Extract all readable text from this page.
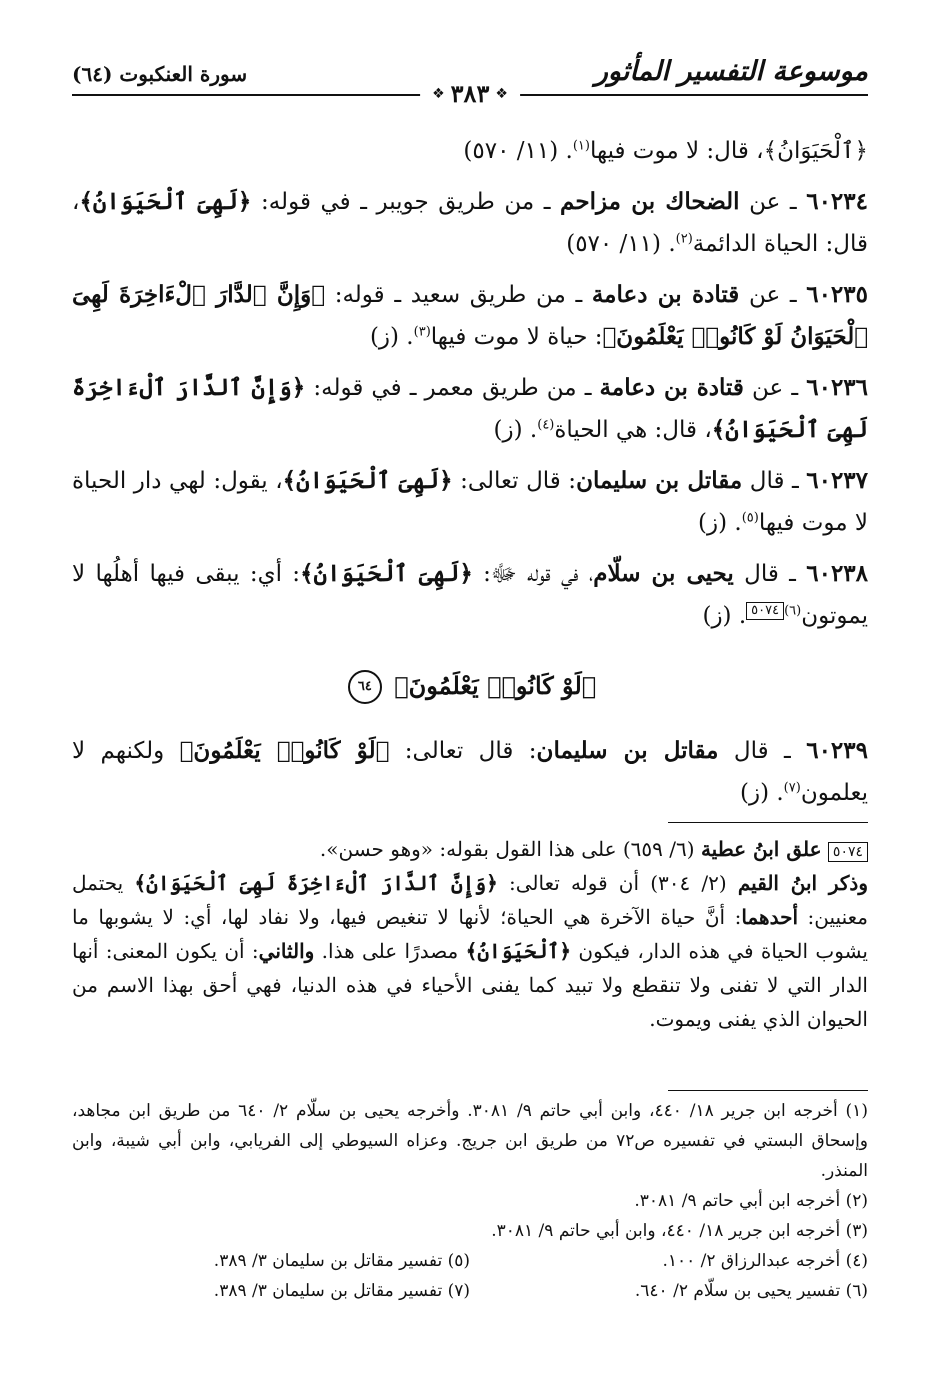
موسوعة التفسير المأثور
سورة العنكبوت (٦٤)
❖ ٣٨٣ ❖

﴿ٱلْحَيَوَانُ﴾، قال: لا موت فيها$^{(١)}$. (١١/ ٥٧٠)

٦٠٢٣٤ ـ عن الضحاك بن مزاحم ـ من طريق جويبر ـ في قوله: ﴿لَهِىَ ٱلْحَيَوَانُ﴾، قال: الحياة الدائمة$^{(٢)}$. (١١/ ٥٧٠)

٦٠٢٣٥ ـ عن قتادة بن دعامة ـ من طريق سعيد ـ قوله: ﴿وَإِنَّ ٱلدَّارَ ٱلْءَاخِرَةَ لَهِىَ ٱلْحَيَوَانُ لَوْ كَانُوا۟ يَعْلَمُونَ﴾: حياة لا موت فيها$^{(٣)}$. (ز)

٦٠٢٣٦ ـ عن قتادة بن دعامة ـ من طريق معمر ـ في قوله: ﴿وَإِنَّ ٱلدَّارَ ٱلْءَاخِرَةَ لَهِىَ ٱلْحَيَوَانُ﴾، قال: هي الحياة$^{(٤)}$. (ز)

٦٠٢٣٧ ـ قال مقاتل بن سليمان: قال تعالى: ﴿لَهِىَ ٱلْحَيَوَانُ﴾، يقول: لهي دار الحياة لا موت فيها$^{(٥)}$. (ز)

٦٠٢٣٨ ـ قال يحيى بن سلّام، في قوله ﷻ: ﴿لَهِىَ ٱلْحَيَوَانُ﴾: أي: يبقى فيها أهلُها لا يموتون$^{(٦)}$٥٠٧٤. (ز)

﴿لَوْ كَانُوا۟ يَعْلَمُونَ﴾ ٦٤

٦٠٢٣٩ ـ قال مقاتل بن سليمان: قال تعالى: ﴿لَوْ كَانُوا۟ يَعْلَمُونَ﴾ ولكنهم لا يعلمون$^{(٧)}$. (ز)

٥٠٧٤ علق ابنُ عطية (٦/ ٦٥٩) على هذا القول بقوله: «وهو حسن».

وذكر ابنُ القيم (٢/ ٣٠٤) أن قوله تعالى: ﴿وَإِنَّ ٱلدَّارَ ٱلْءَاخِرَةَ لَهِىَ ٱلْحَيَوَانُ﴾ يحتمل معنيين: أحدهما: أنَّ حياة الآخرة هي الحياة؛ لأنها لا تنغيص فيها، ولا نفاد لها، أي: لا يشوبها ما يشوب الحياة في هذه الدار، فيكون ﴿ٱلْحَيَوَانُ﴾ مصدرًا على هذا. والثاني: أن يكون المعنى: أنها الدار التي لا تفنى ولا تنقطع ولا تبيد كما يفنى الأحياء في هذه الدنيا، فهي أحق بهذا الاسم من الحيوان الذي يفنى ويموت.

(١) أخرجه ابن جرير ١٨/ ٤٤٠، وابن أبي حاتم ٩/ ٣٠٨١. وأخرجه يحيى بن سلّام ٢/ ٦٤٠ من طريق ابن مجاهد، وإسحاق البستي في تفسيره ص٧٢ من طريق ابن جريج. وعزاه السيوطي إلى الفريابي، وابن أبي شيبة، وابن المنذر.

(٢) أخرجه ابن أبي حاتم ٩/ ٣٠٨١.

(٣) أخرجه ابن جرير ١٨/ ٤٤٠، وابن أبي حاتم ٩/ ٣٠٨١.

(٤) أخرجه عبدالرزاق ٢/ ١٠٠.

(٥) تفسير مقاتل بن سليمان ٣/ ٣٨٩.

(٦) تفسير يحيى بن سلّام ٢/ ٦٤٠.

(٧) تفسير مقاتل بن سليمان ٣/ ٣٨٩.
